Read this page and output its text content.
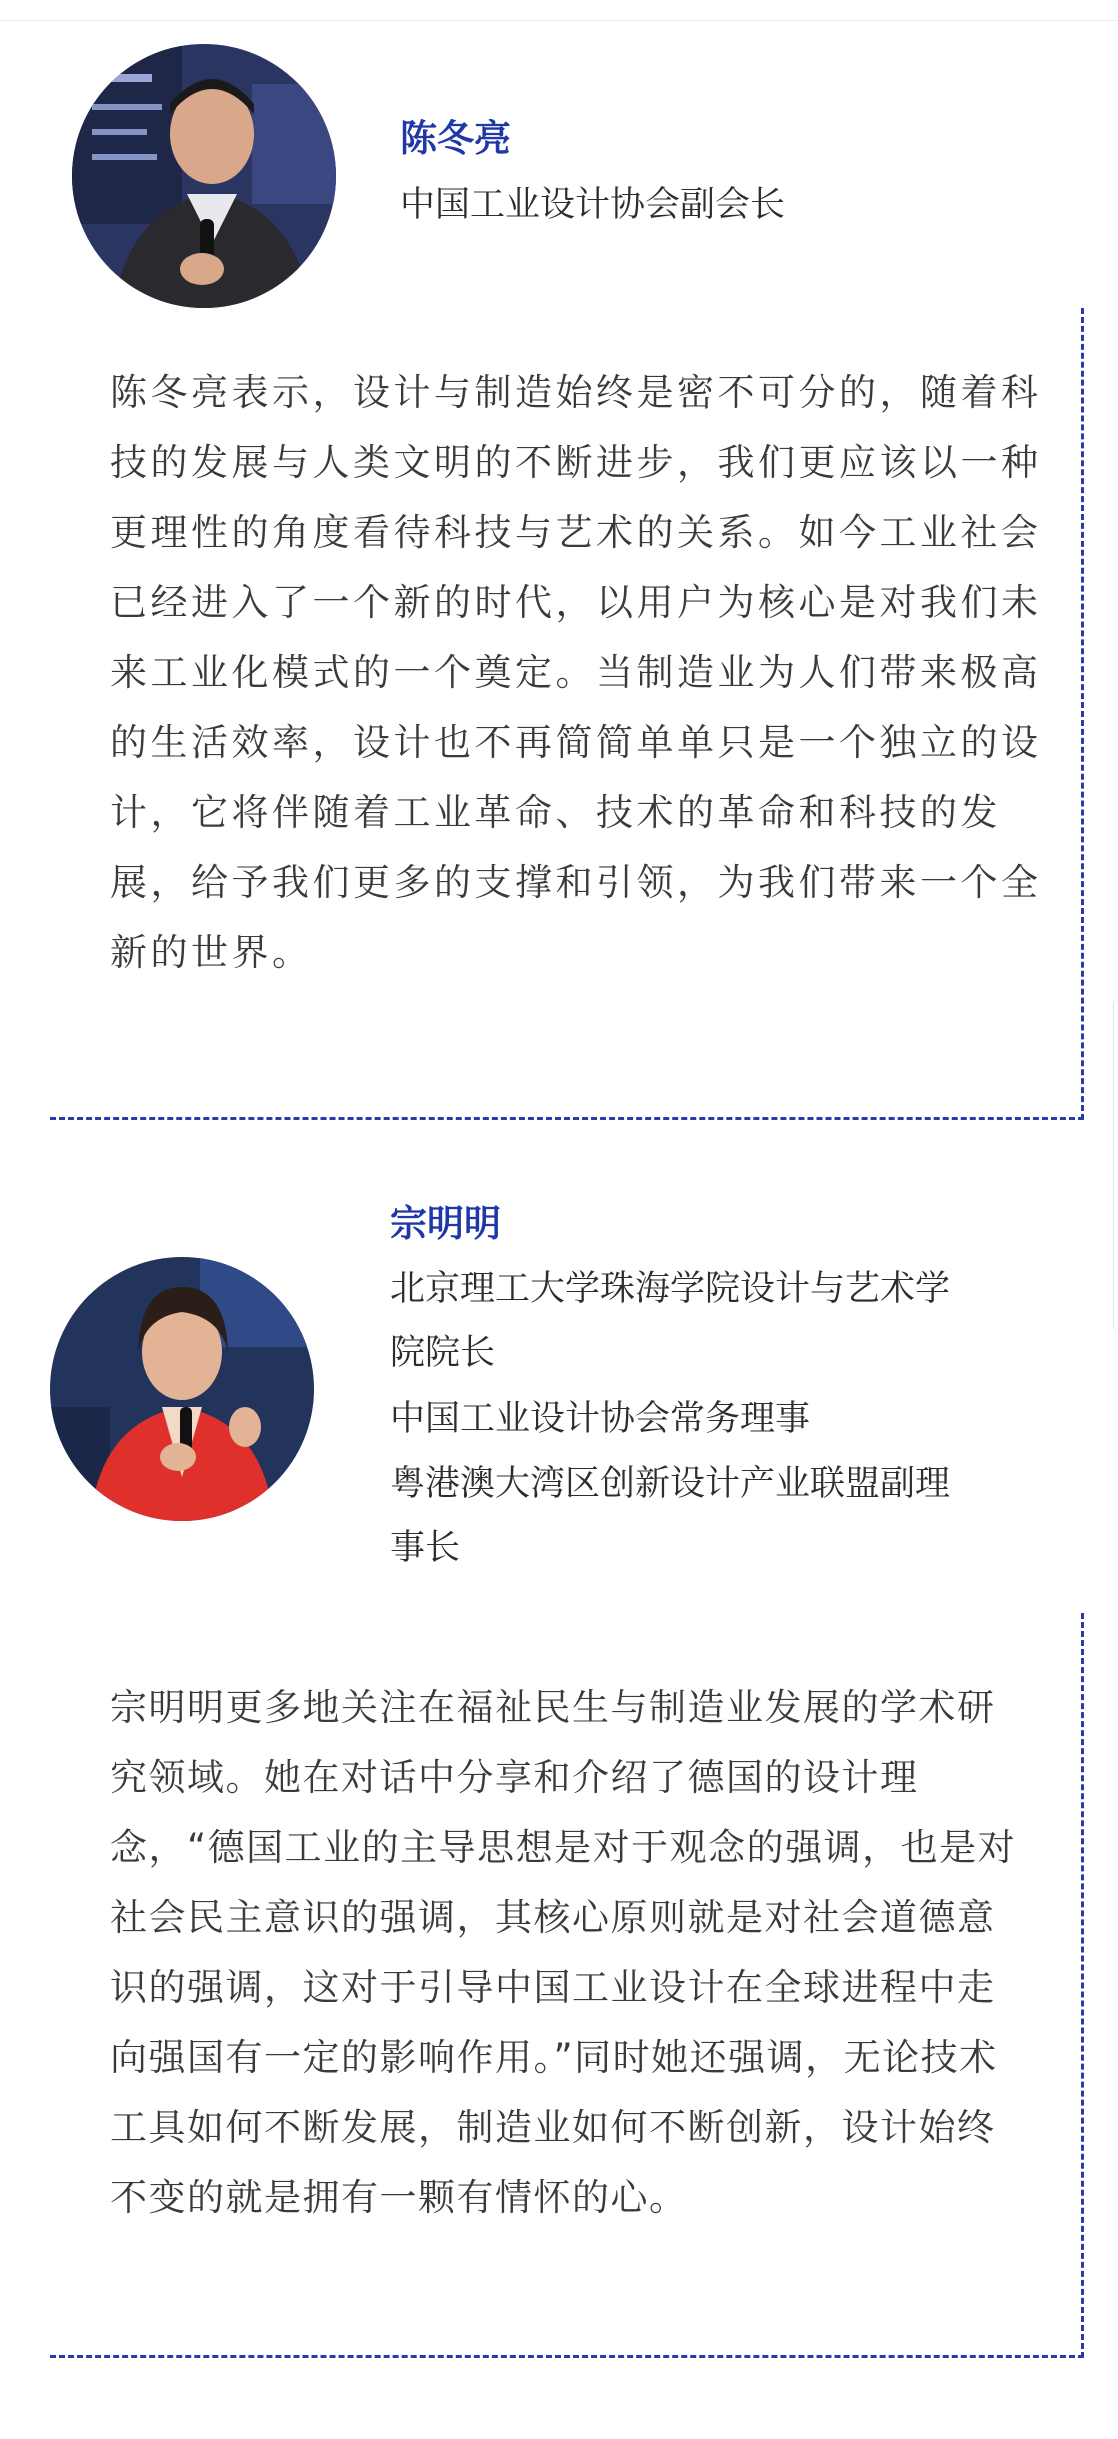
陈冬亮
中国工业设计协会副会长

陈冬亮表示，设计与制造始终是密不可分的，随着科技的发展与人类文明的不断进步，我们更应该以一种更理性的角度看待科技与艺术的关系。如今工业社会已经进入了一个新的时代，以用户为核心是对我们未来工业化模式的一个奠定。当制造业为人们带来极高的生活效率，设计也不再简简单单只是一个独立的设计，它将伴随着工业革命、技术的革命和科技的发展，给予我们更多的支撑和引领，为我们带来一个全新的世界。

宗明明
北京理工大学珠海学院设计与艺术学
院院长
中国工业设计协会常务理事
粤港澳大湾区创新设计产业联盟副理
事长

宗明明更多地关注在福祉民生与制造业发展的学术研究领域。她在对话中分享和介绍了德国的设计理念，“德国工业的主导思想是对于观念的强调，也是对社会民主意识的强调，其核心原则就是对社会道德意识的强调，这对于引导中国工业设计在全球进程中走向强国有一定的影响作用。”同时她还强调，无论技术工具如何不断发展，制造业如何不断创新，设计始终不变的就是拥有一颗有情怀的心。
